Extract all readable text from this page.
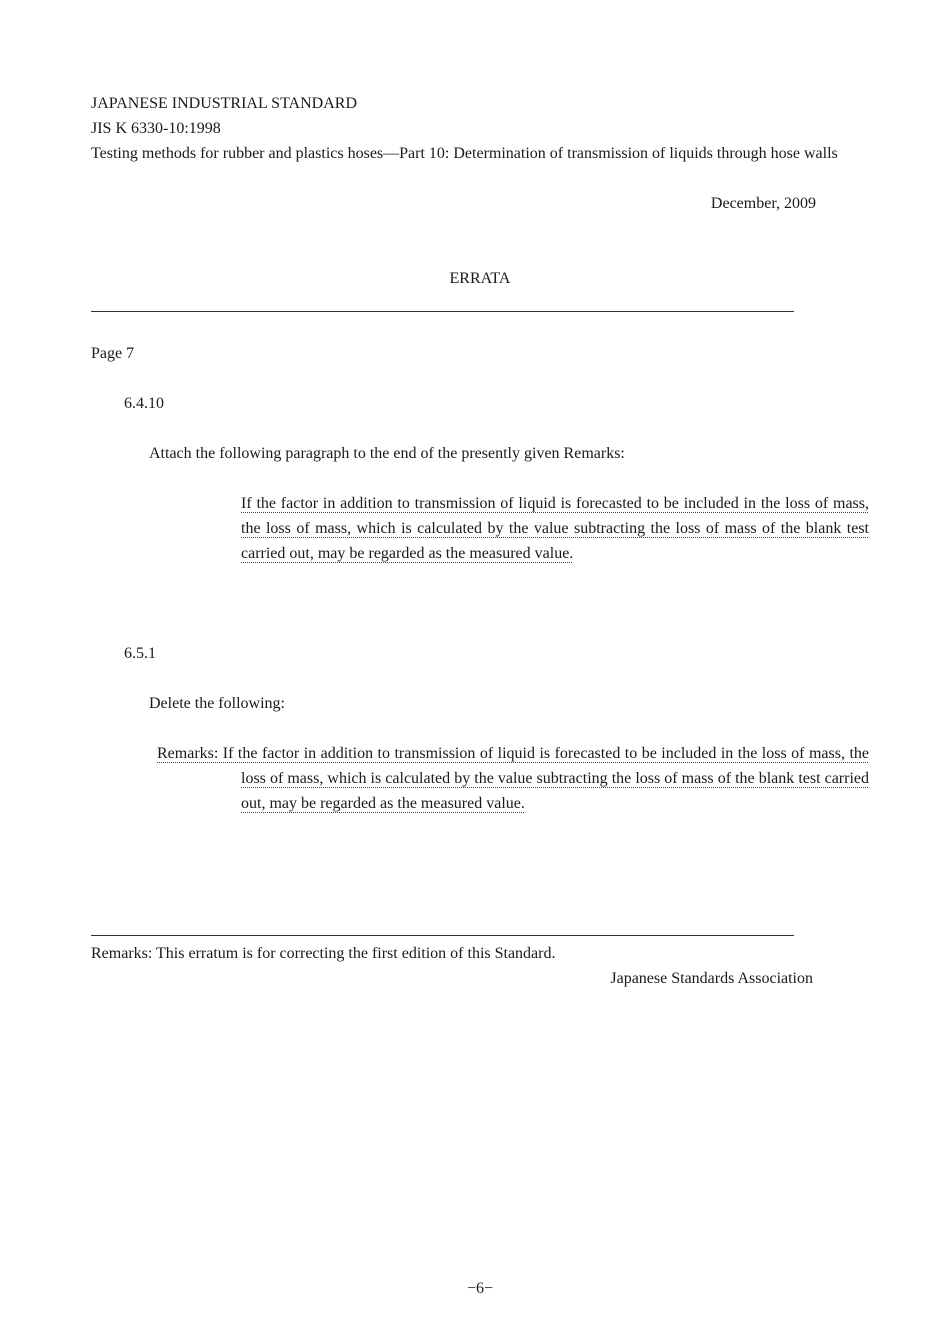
JAPANESE INDUSTRIAL STANDARD
JIS K 6330-10:1998
Testing methods for rubber and plastics hoses—Part 10: Determination of transmission of liquids through hose walls
December, 2009
ERRATA
Page 7
6.4.10
Attach the following paragraph to the end of the presently given Remarks:
If the factor in addition to transmission of liquid is forecasted to be included in the loss of mass, the loss of mass, which is calculated by the value subtracting the loss of mass of the blank test carried out, may be regarded as the measured value.
6.5.1
Delete the following:
Remarks: If the factor in addition to transmission of liquid is forecasted to be included in the loss of mass, the loss of mass, which is calculated by the value subtracting the loss of mass of the blank test carried out, may be regarded as the measured value.
Remarks: This erratum is for correcting the first edition of this Standard.
Japanese Standards Association
−6−
